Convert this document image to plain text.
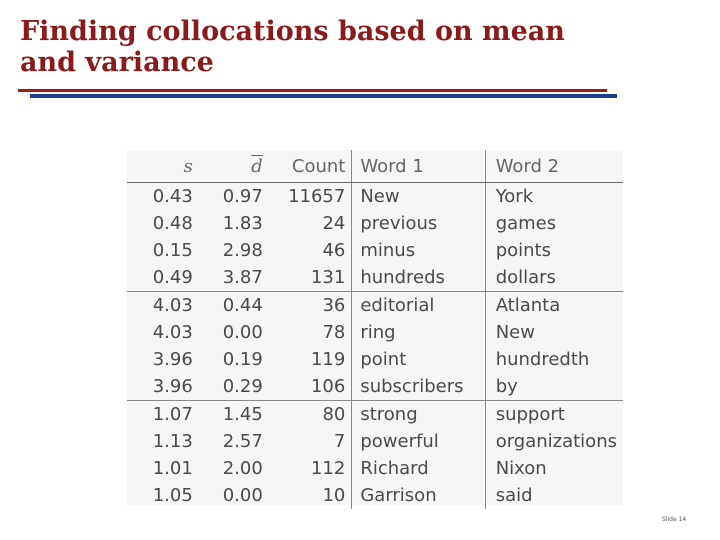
Finding collocations based on mean
and variance
s	$\overline{d}$	Count	Word 1	Word 2
0.43	0.97	11657	New	York
0.48	1.83	24	previous	games
0.15	2.98	46	minus	points
0.49	3.87	131	hundreds	dollars
4.03	0.44	36	editorial	Atlanta
4.03	0.00	78	ring	New
3.96	0.19	119	point	hundredth
3.96	0.29	106	subscribers	by
1.07	1.45	80	strong	support
1.13	2.57	7	powerful	organizations
1.01	2.00	112	Richard	Nixon
1.05	0.00	10	Garrison	said
Slide 14
